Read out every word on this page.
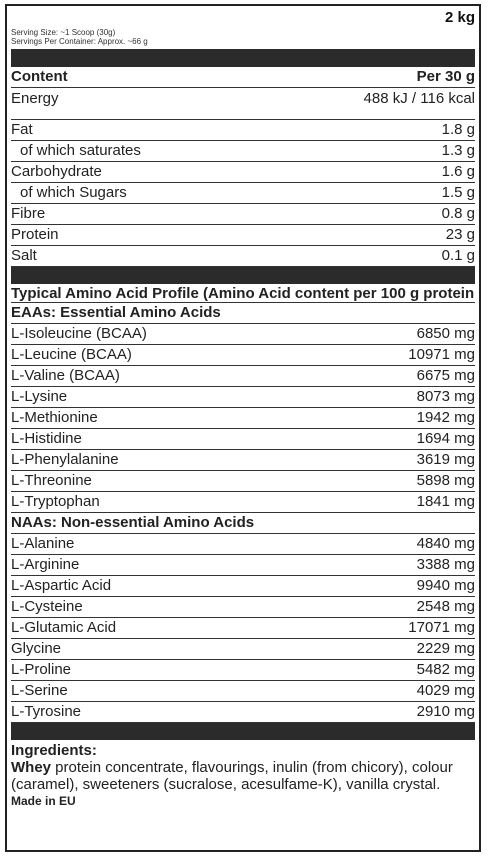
2 kg
Serving Size: ~1 Scoop (30g)
Servings Per Container: Approx. ~66 g
Content	Per 30 g
Energy	488 kJ / 116 kcal
Fat	1.8 g
of which saturates	1.3 g
Carbohydrate	1.6 g
of which Sugars	1.5 g
Fibre	0.8 g
Protein	23 g
Salt	0.1 g
Typical Amino Acid Profile (Amino Acid content per 100 g protein
EAAs: Essential Amino Acids
L-Isoleucine (BCAA)	6850 mg
L-Leucine (BCAA)	10971 mg
L-Valine (BCAA)	6675 mg
L-Lysine	8073 mg
L-Methionine	1942 mg
L-Histidine	1694 mg
L-Phenylalanine	3619 mg
L-Threonine	5898 mg
L-Tryptophan	1841 mg
NAAs: Non-essential Amino Acids
L-Alanine	4840 mg
L-Arginine	3388 mg
L-Aspartic Acid	9940 mg
L-Cysteine	2548 mg
L-Glutamic Acid	17071 mg
Glycine	2229 mg
L-Proline	5482 mg
L-Serine	4029 mg
L-Tyrosine	2910 mg
Ingredients:
Whey protein concentrate, flavourings, inulin (from chicory), colour (caramel), sweeteners (sucralose, acesulfame-K), vanilla crystal.
Made in EU
